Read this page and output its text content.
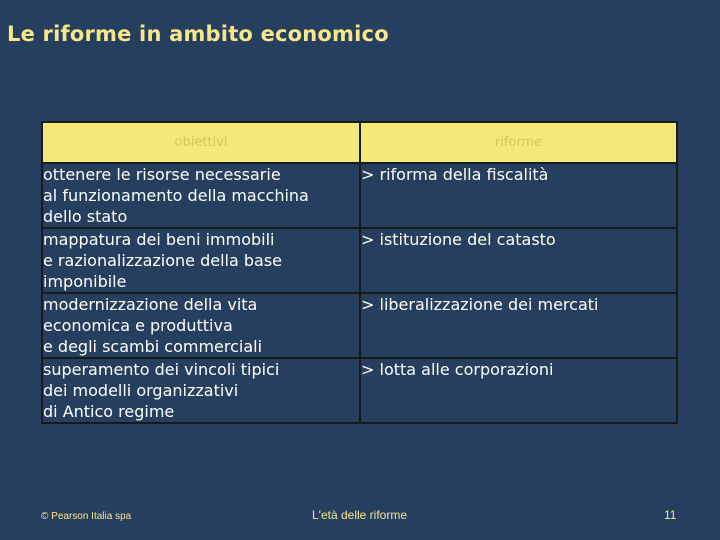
Le riforme in ambito economico
obiettivi	riforme

ottenere le risorse necessarie
al funzionamento della macchina
dello stato	> riforma della fiscalità

mappatura dei beni immobili
e razionalizzazione della base
imponibile	> istituzione del catasto

modernizzazione della vita
economica e produttiva
e degli scambi commerciali	> liberalizzazione dei mercati

superamento dei vincoli tipici
dei modelli organizzativi
di Antico regime	> lotta alle corporazioni
© Pearson Italia spa	L'età delle riforme	11
